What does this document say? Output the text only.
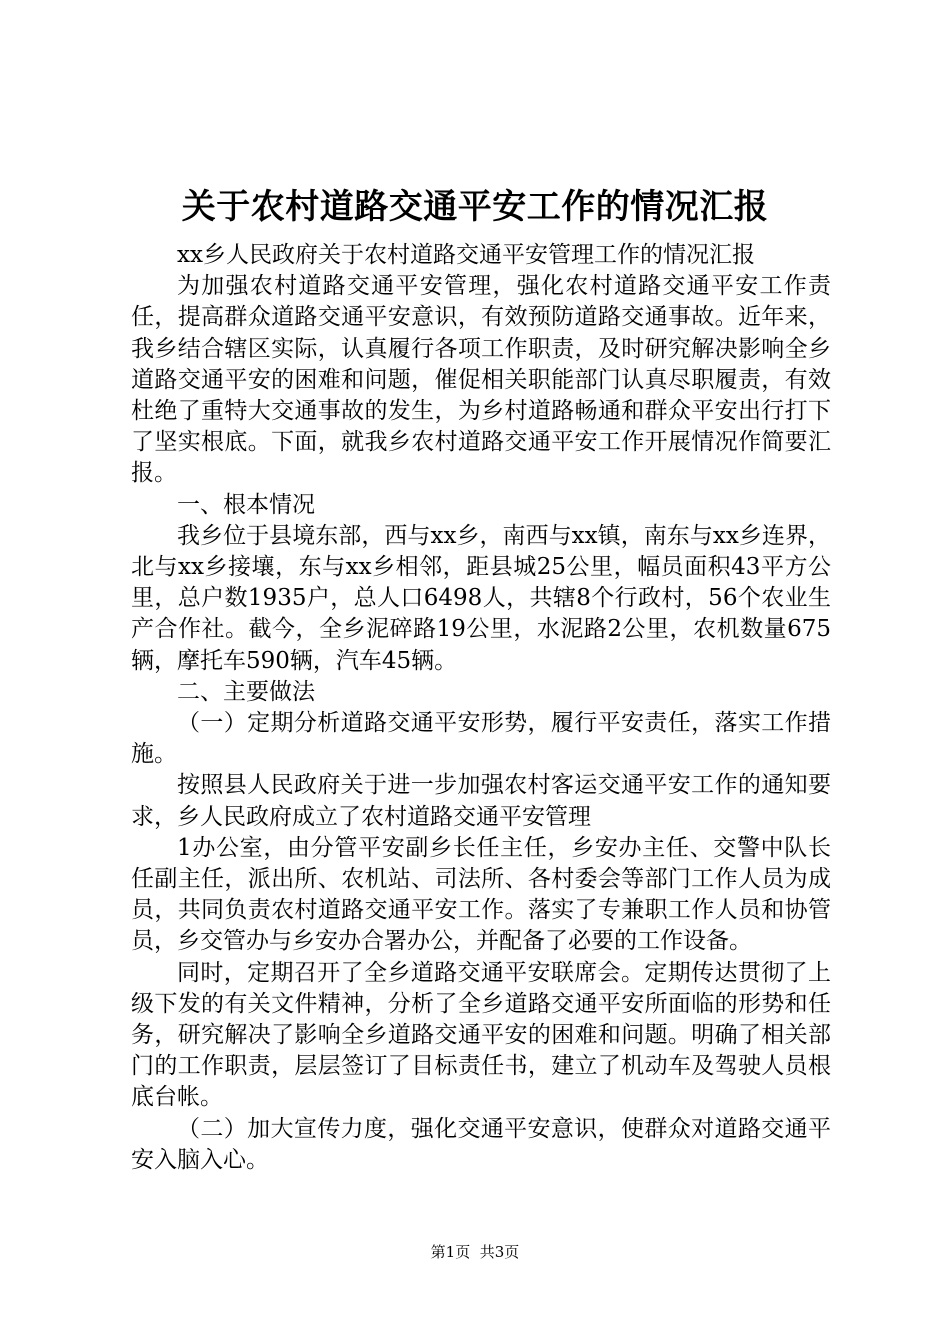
关于农村道路交通平安工作的情况汇报

xx乡人民政府关于农村道路交通平安管理工作的情况汇报

为加强农村道路交通平安管理，强化农村道路交通平安工作责任，提高群众道路交通平安意识，有效预防道路交通事故。近年来，我乡结合辖区实际，认真履行各项工作职责，及时研究解决影响全乡道路交通平安的困难和问题，催促相关职能部门认真尽职履责，有效杜绝了重特大交通事故的发生，为乡村道路畅通和群众平安出行打下了坚实根底。下面，就我乡农村道路交通平安工作开展情况作简要汇报。

一、根本情况

我乡位于县境东部，西与xx乡，南西与xx镇，南东与xx乡连界，北与xx乡接壤，东与xx乡相邻，距县城25公里，幅员面积43平方公里，总户数1935户，总人口6498人，共辖8个行政村，56个农业生产合作社。截今，全乡泥碎路19公里，水泥路2公里，农机数量675辆，摩托车590辆，汽车45辆。

二、主要做法

（一）定期分析道路交通平安形势，履行平安责任，落实工作措施。

按照县人民政府关于进一步加强农村客运交通平安工作的通知要求，乡人民政府成立了农村道路交通平安管理

1办公室，由分管平安副乡长任主任，乡安办主任、交警中队长任副主任，派出所、农机站、司法所、各村委会等部门工作人员为成员，共同负责农村道路交通平安工作。落实了专兼职工作人员和协管员，乡交管办与乡安办合署办公，并配备了必要的工作设备。

同时，定期召开了全乡道路交通平安联席会。定期传达贯彻了上级下发的有关文件精神，分析了全乡道路交通平安所面临的形势和任务，研究解决了影响全乡道路交通平安的困难和问题。明确了相关部门的工作职责，层层签订了目标责任书，建立了机动车及驾驶人员根底台帐。

（二）加大宣传力度，强化交通平安意识，使群众对道路交通平安入脑入心。

第1页 共3页
